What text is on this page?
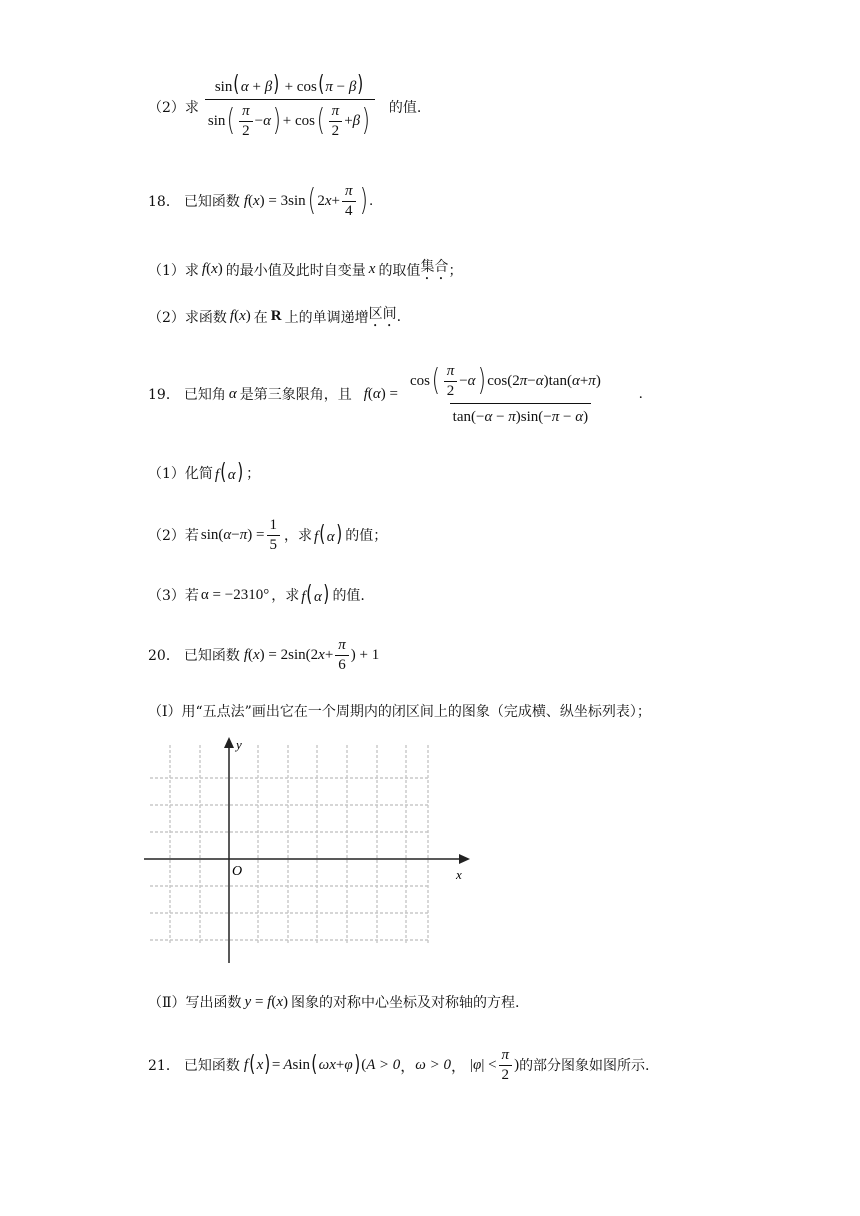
（2）求 $\frac{\sin(\alpha + \beta) + \cos(\pi - \beta)}{\sin ( \frac{\pi}{2} - \alpha ) + \cos ( \frac{\pi}{2} + \beta )}$ 的值.
18． 已知函数 f ( x ) = 3sin ( 2 $x + \frac{\pi}{4}$ ) .
（1）求 f(x) 的最小值及此时自变量 x 的取值 集合 ；
（2）求函数 f(x) 在 R 上的单调递增 区间 .
19． 已知角 α 是第三象限角，且 f ( α ) = $\frac{\cos ( \frac{\pi}{2} - \alpha ) \cos(2 \pi - \alpha )\tan( \alpha + \pi )}{\tan(-\alpha - \pi)\sin(-\pi - \alpha)}$ .
（1）化简 f(α) ；
（2）若 sin( α − π ) = $\frac{1}{5}$ ，求 f(α) 的值；
（3）若 α = −2310° ，求 f(α) 的值.
20． 已知函数 f ( x ) = 2sin(2 $x + \frac{\pi}{6}$ ) + 1
（Ⅰ）用“五点法”画出它在一个周期内的闭区间上的图象（完成横、纵坐标列表）；
y
x
O
（Ⅱ）写出函数 y = f(x) 图象的对称中心坐标及对称轴的方程.
21． 已知函数 f ( x ) = A sin ( ωx + φ ) ( A > 0 ， ω > 0 ， $|\varphi| < \frac{\pi}{2}$ ) 的部分图象如图所示.
